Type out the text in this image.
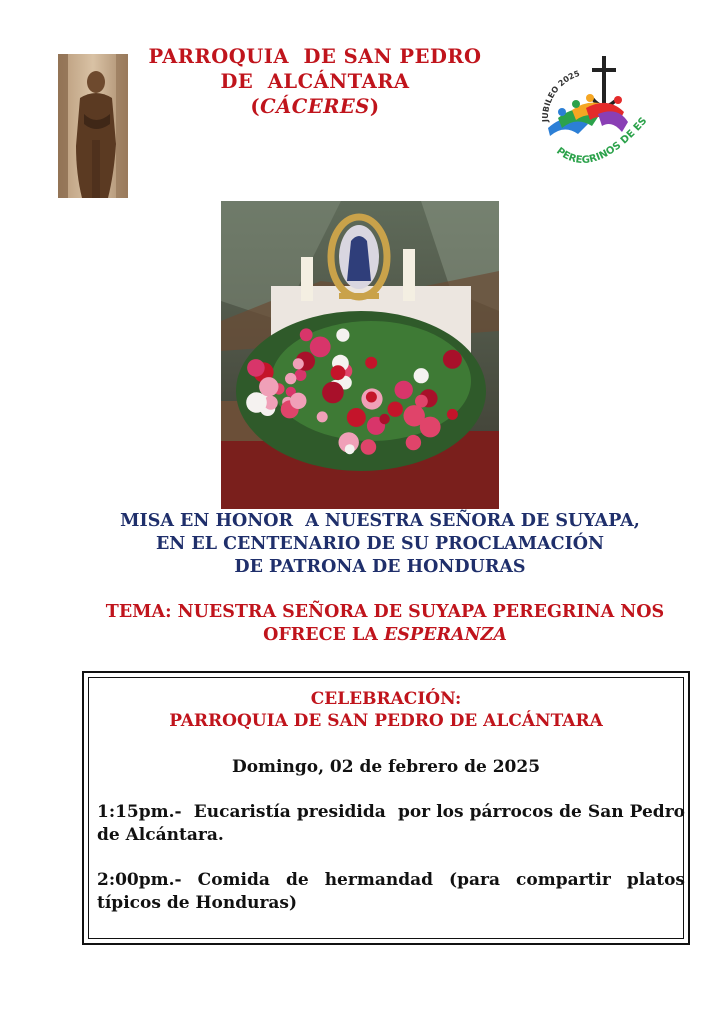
PARROQUIA  DE SAN PEDRO
DE  ALCÁNTARA
(CÁCERES)
JUBILEO 2025
PEREGRINOS DE ES
MISA EN HONOR  A NUESTRA SEÑORA DE SUYAPA,
EN EL CENTENARIO DE SU PROCLAMACIÓN
DE PATRONA DE HONDURAS
TEMA: NUESTRA SEÑORA DE SUYAPA PEREGRINA NOS
OFRECE LA ESPERANZA
CELEBRACIÓN:
PARROQUIA DE SAN PEDRO DE ALCÁNTARA
Domingo, 02 de febrero de 2025
1:15pm.-  Eucaristía presidida  por los párrocos de San Pedro de Alcántara.
2:00pm.- Comida de hermandad (para compartir platos típicos de Honduras)
